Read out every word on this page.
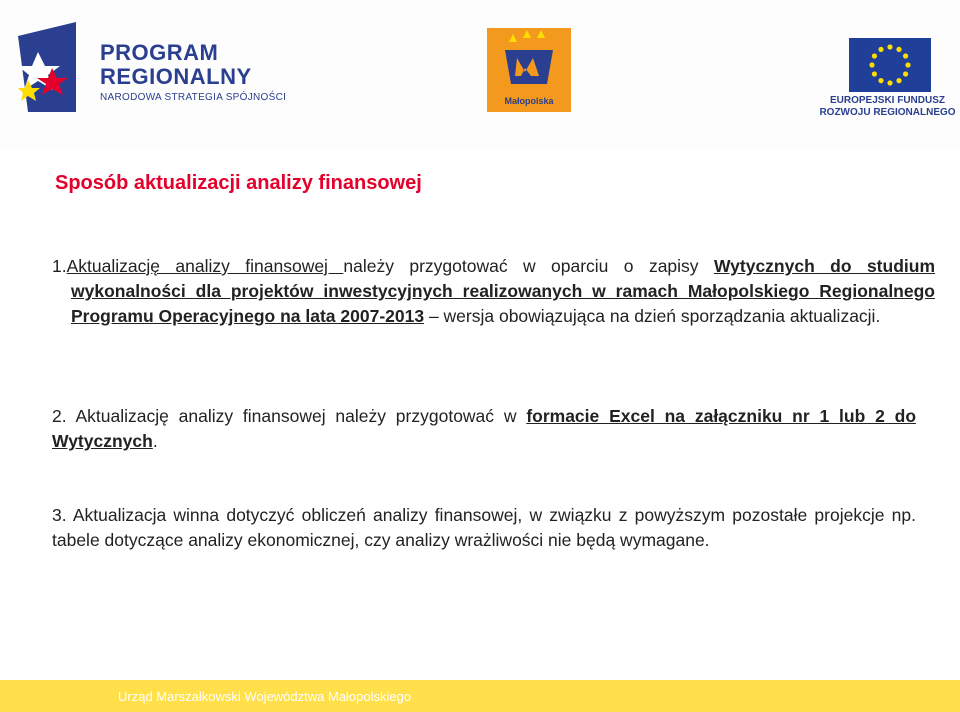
PROGRAM
REGIONALNY
NARODOWA STRATEGIA SPÓJNOŚCI	Małopolska	EUROPEJSKI FUNDUSZ
ROZWOJU REGIONALNEGO
Sposób aktualizacji analizy finansowej
1.Aktualizację analizy finansowej należy przygotować w oparciu o zapisy Wytycznych do studium wykonalności dla projektów inwestycyjnych realizowanych w ramach Małopolskiego Regionalnego Programu Operacyjnego na lata 2007-2013 – wersja obowiązująca na dzień sporządzania aktualizacji.
2. Aktualizację analizy finansowej należy przygotować w formacie Excel na załączniku nr 1 lub 2 do Wytycznych.
3. Aktualizacja winna dotyczyć obliczeń analizy finansowej, w związku z powyższym pozostałe projekcje np. tabele dotyczące analizy ekonomicznej, czy analizy wrażliwości nie będą wymagane.
Urząd Marszałkowski Województwa Małopolskiego
